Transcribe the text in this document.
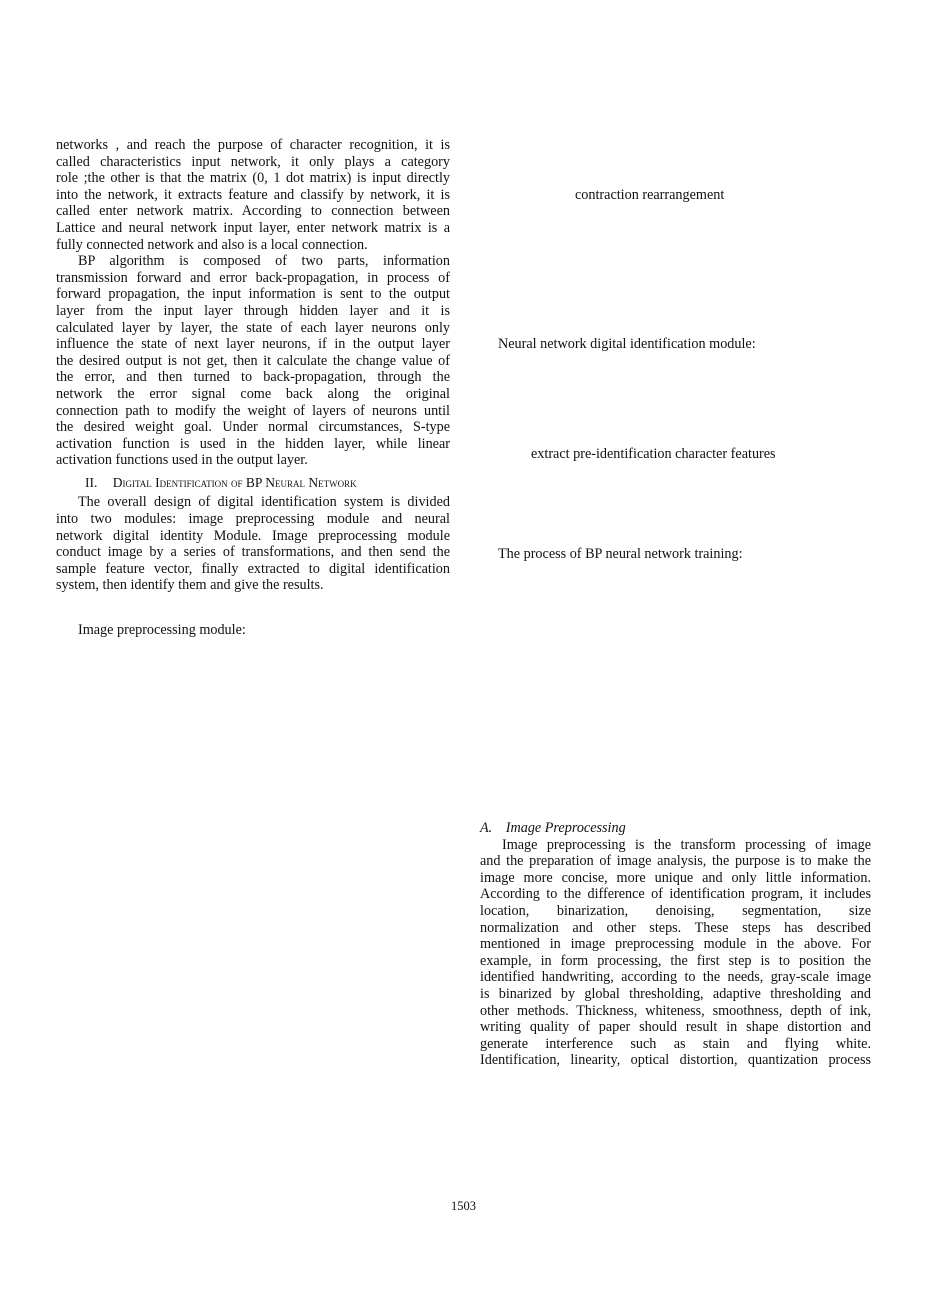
networks , and reach the purpose of character recognition, it is
called characteristics input network, it only plays a category
role ;the other is that the matrix (0, 1 dot matrix) is input directly
into the network, it extracts feature and classify by network, it is
called enter network matrix. According to connection between
Lattice and neural network input layer, enter network matrix is a
fully connected network and also is a local connection.
BP algorithm is composed of two parts, information
transmission forward and error back-propagation, in process of
forward propagation, the input information is sent to the output
layer from the input layer through hidden layer and it is
calculated layer by layer, the state of each layer neurons only
influence the state of next layer neurons, if in the output layer
the desired output is not get, then it calculate the change value of
the error, and then turned to back-propagation, through the
network the error signal come back along the original
connection path to modify the weight of layers of neurons until
the desired weight goal. Under normal circumstances, S-type
activation function is used in the hidden layer, while linear
activation functions used in the output layer.
II. Digital Identification of BP Neural Network
The overall design of digital identification system is divided
into two modules: image preprocessing module and neural
network digital identity Module. Image preprocessing module
conduct image by a series of transformations, and then send the
sample feature vector, finally extracted to digital identification
system, then identify them and give the results.
Image preprocessing module:
contraction rearrangement
Neural network digital identification module:
extract pre-identification character features
The process of BP neural network training:
A. Image Preprocessing
Image preprocessing is the transform processing of image
and the preparation of image analysis, the purpose is to make the
image more concise, more unique and only little information.
According to the difference of identification program, it includes
location, binarization, denoising, segmentation, size
normalization and other steps. These steps has described
mentioned in image preprocessing module in the above. For
example, in form processing, the first step is to position the
identified handwriting, according to the needs, gray-scale image
is binarized by global thresholding, adaptive thresholding and
other methods. Thickness, whiteness, smoothness, depth of ink,
writing quality of paper should result in shape distortion and
generate interference such as stain and flying white.
Identification, linearity, optical distortion, quantization process
1503
